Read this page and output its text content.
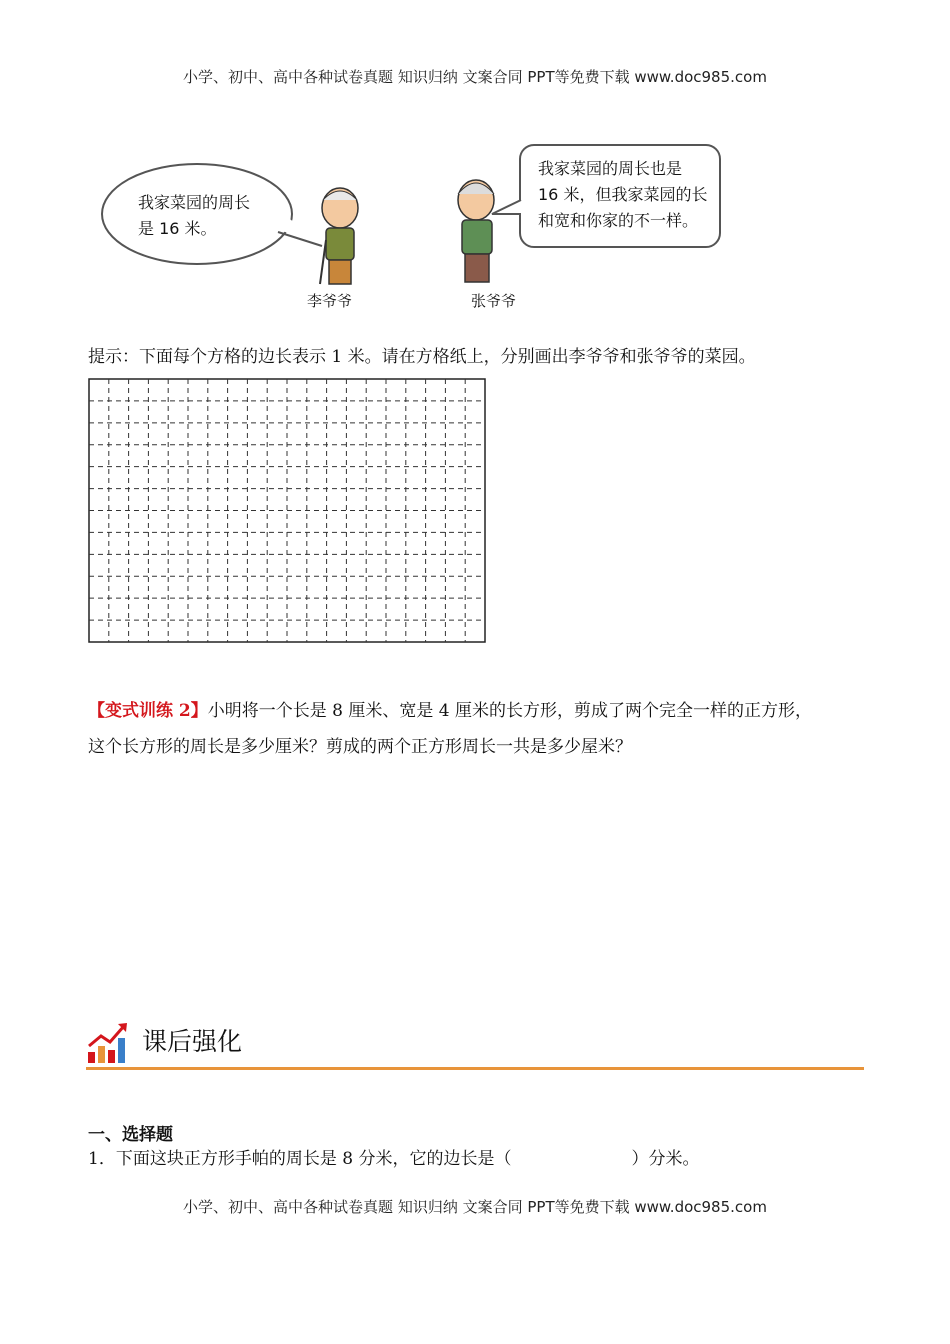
小学、初中、高中各种试卷真题 知识归纳 文案合同 PPT等免费下载 www.doc985.com
我家菜园的周长
是 16 米。
我家菜园的周长也是
16 米，但我家菜园的长
和宽和你家的不一样。
李爷爷	张爷爷
提示：下面每个方格的边长表示 1 米。请在方格纸上，分别画出李爷爷和张爷爷的菜园。
【变式训练 2】小明将一个长是 8 厘米、宽是 4 厘米的长方形，剪成了两个完全一样的正方形，
这个长方形的周长是多少厘米？剪成的两个正方形周长一共是多少屋米？
课后强化
一、选择题
1．下面这块正方形手帕的周长是 8 分米，它的边长是（	）分米。
小学、初中、高中各种试卷真题 知识归纳 文案合同 PPT等免费下载 www.doc985.com
